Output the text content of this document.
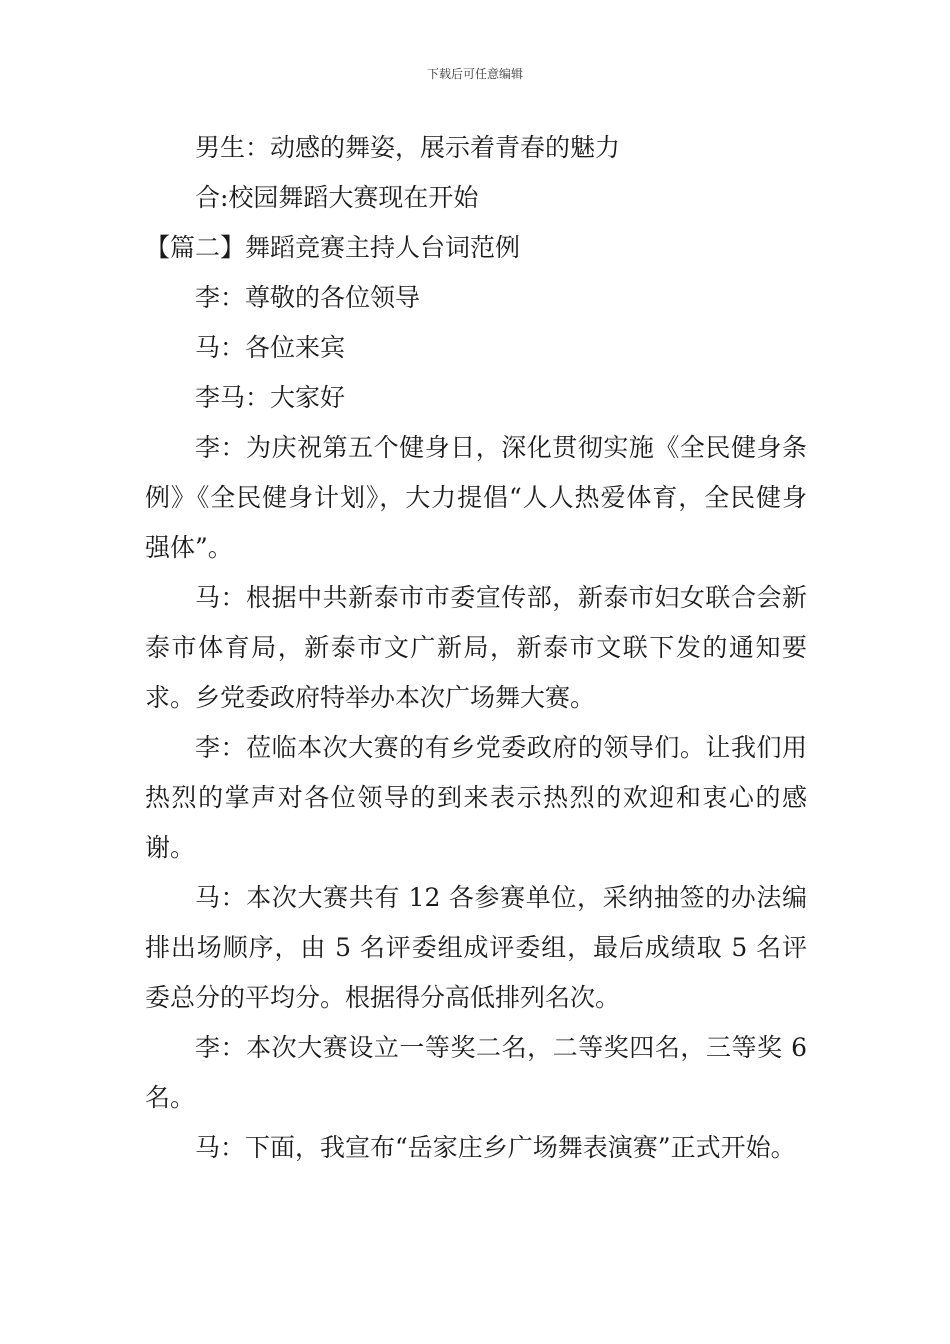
下载后可任意编辑

男生：动感的舞姿，展示着青春的魅力

合:校园舞蹈大赛现在开始

【篇二】舞蹈竞赛主持人台词范例

李：尊敬的各位领导

马：各位来宾

李马：大家好

李：为庆祝第五个健身日，深化贯彻实施《全民健身条例》《全民健身计划》，大力提倡“人人热爱体育，全民健身强体”。

马：根据中共新泰市市委宣传部，新泰市妇女联合会新泰市体育局，新泰市文广新局，新泰市文联下发的通知要求。乡党委政府特举办本次广场舞大赛。

李：莅临本次大赛的有乡党委政府的领导们。让我们用热烈的掌声对各位领导的到来表示热烈的欢迎和衷心的感谢。

马：本次大赛共有 12 各参赛单位，采纳抽签的办法编排出场顺序，由 5 名评委组成评委组，最后成绩取 5 名评委总分的平均分。根据得分高低排列名次。

李：本次大赛设立一等奖二名，二等奖四名，三等奖 6 名。

马：下面，我宣布“岳家庄乡广场舞表演赛”正式开始。
